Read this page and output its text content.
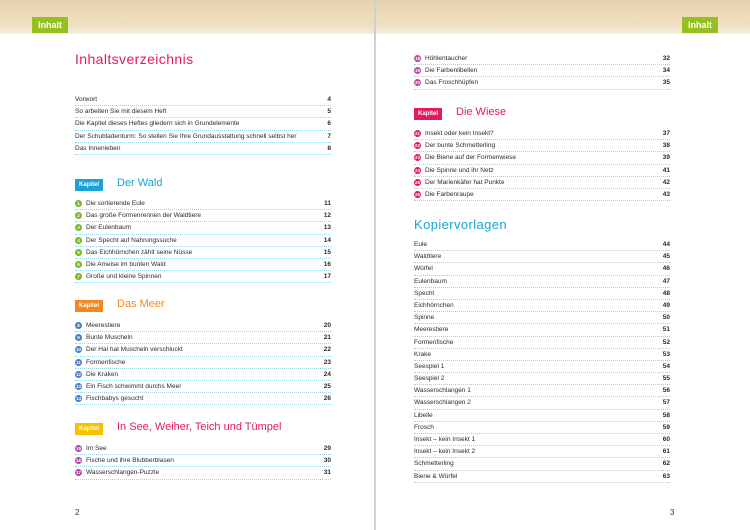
Inhalt
Inhaltsverzeichnis
Vorwort	4
So arbeiten Sie mit diesem Heft	5
Die Kapitel dieses Heftes gliedern sich in Grundelemente	6
Der Schubladenturm: So stellen Sie Ihre Grundausstattung schnell selbst her	7
Das Innenleben	8
Kapitel 1
Der Wald
1 Die sortierende Eule	11
2 Das große Formenrennen der Waldtiere	12
3 Der Eulenbaum	13
4 Der Specht auf Nahrungssuche	14
5 Das Eichhörnchen zählt seine Nüsse	15
6 Die Ameise im bunten Wald	16
7 Große und kleine Spinnen	17
Kapitel 2
Das Meer
8 Meerestiere	20
9 Bunte Muscheln	21
10 Der Hai hat Muscheln verschluckt	22
11 Formenfische	23
12 Die Kraken	24
13 Ein Fisch schwimmt durchs Meer	25
14 Fischbabys gesucht	26
Kapitel 3
In See, Weiher, Teich und Tümpel
15 Im See	29
16 Fische und ihre Blubberblasen	30
17 Wasserschlangen-Puzzle	31
2
Inhalt
18 Höhlentaucher	32
19 Die Farbenlibellen	34
20 Das Froschhüpfen	35
Kapitel 4
Die Wiese
21 Insekt oder kein Insekt?	37
22 Der bunte Schmetterling	38
23 Die Biene auf der Formenwiese	39
24 Die Spinne und ihr Netz	41
25 Der Marienkäfer hat Punkte	42
26 Die Farbenraupe	43
Kopiervorlagen
Eule	44
Waldtiere	45
Würfel	46
Eulenbaum	47
Specht	48
Eichhörnchen	49
Spinne	50
Meerestiere	51
Formenfische	52
Krake	53
Seespiel 1	54
Seespiel 2	55
Wasserschlangen 1	56
Wasserschlangen 2	57
Libelle	58
Frosch	59
Insekt – kein Insekt 1	60
Insekt – kein Insekt 2	61
Schmetterling	62
Biene & Würfel	63
3
